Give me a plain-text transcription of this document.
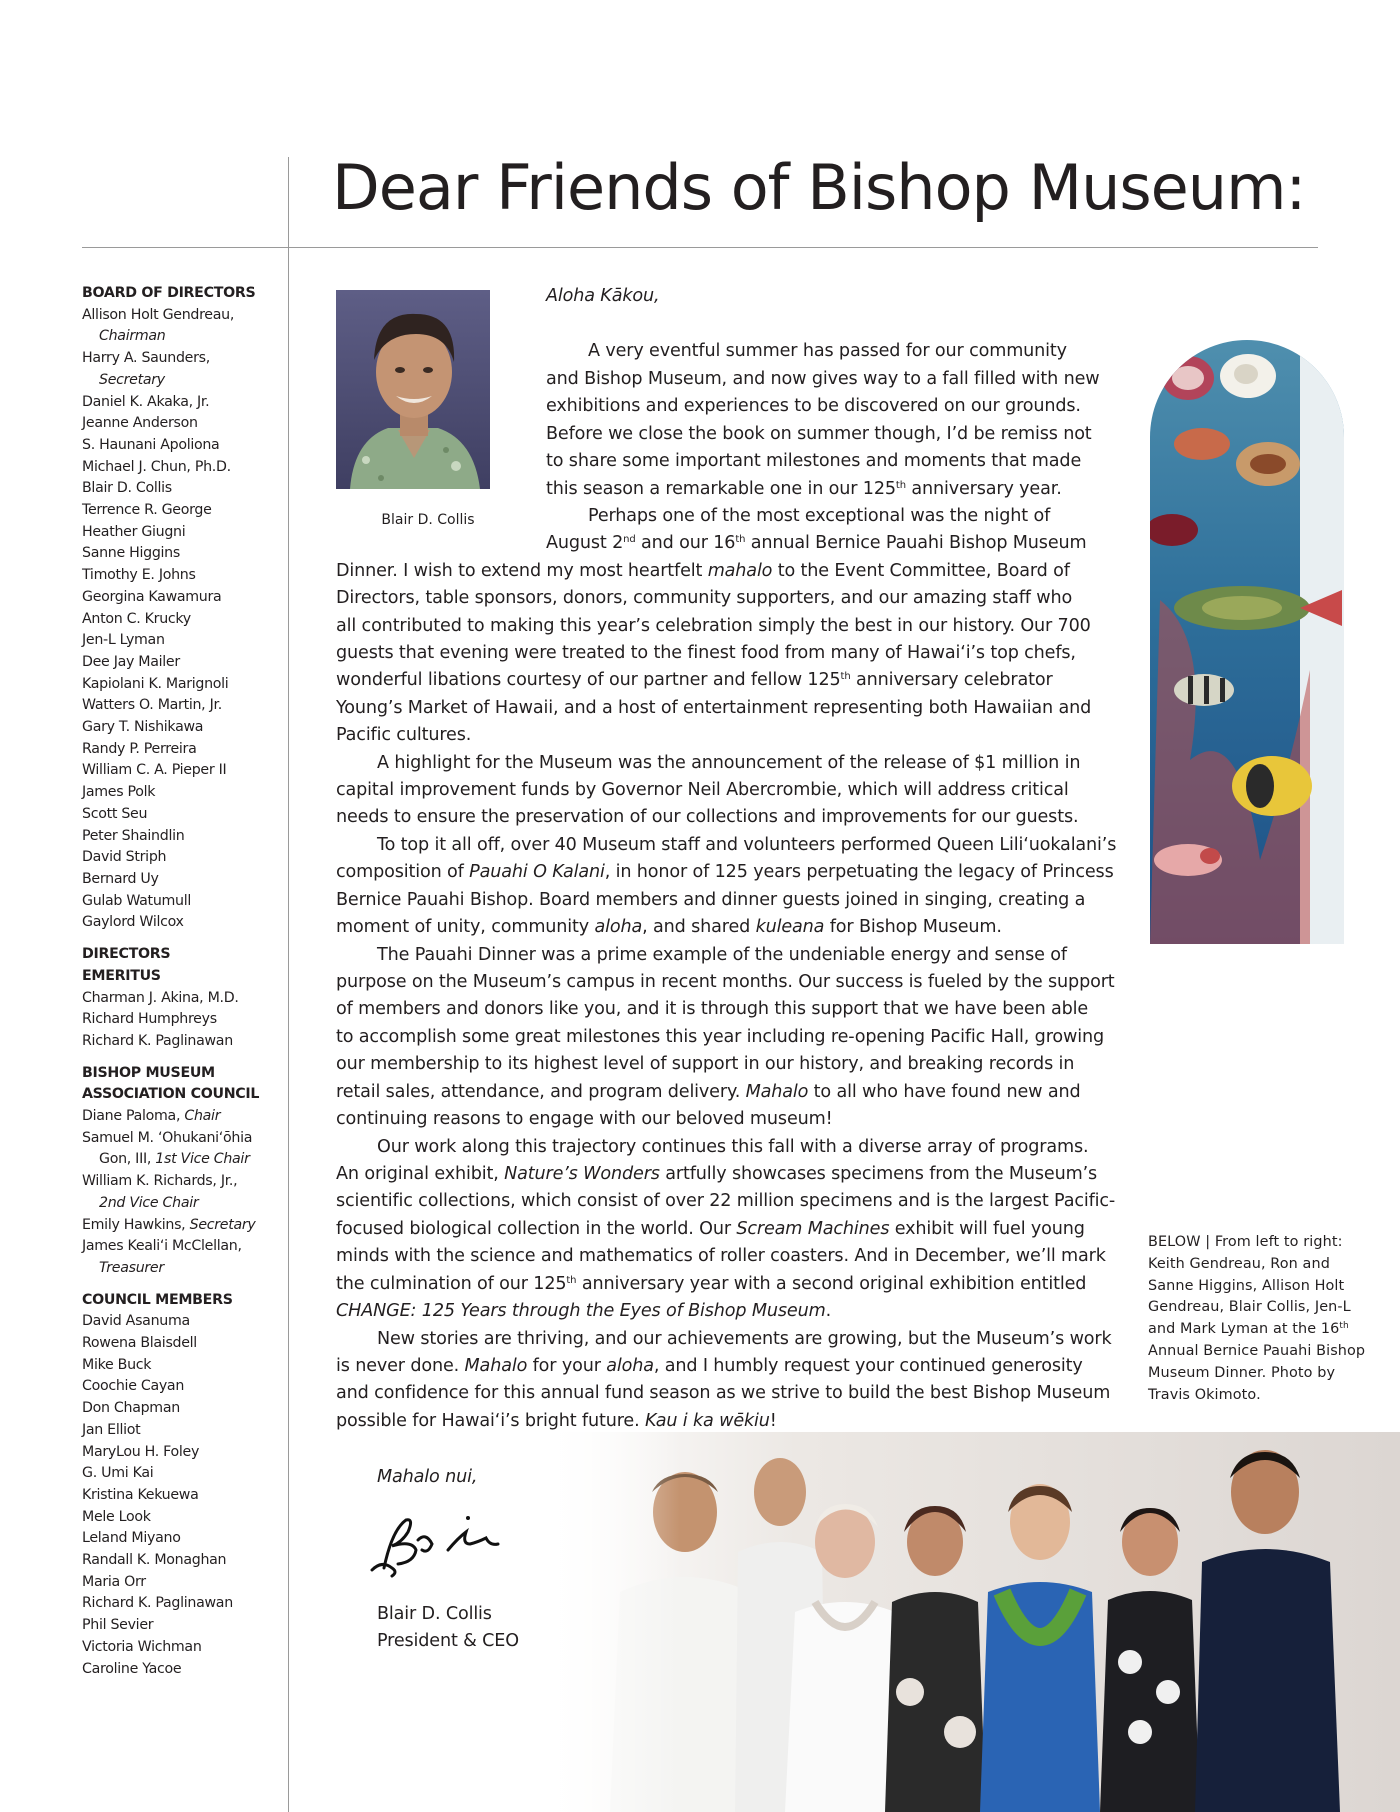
Dear Friends of Bishop Museum:
BOARD OF DIRECTORS
Allison Holt Gendreau,
Chairman
Harry A. Saunders,
Secretary
Daniel K. Akaka, Jr.
Jeanne Anderson
S. Haunani Apoliona
Michael J. Chun, Ph.D.
Blair D. Collis
Terrence R. George
Heather Giugni
Sanne Higgins
Timothy E. Johns
Georgina Kawamura
Anton C. Krucky
Jen-L Lyman
Dee Jay Mailer
Kapiolani K. Marignoli
Watters O. Martin, Jr.
Gary T. Nishikawa
Randy P. Perreira
William C. A. Pieper II
James Polk
Scott Seu
Peter Shaindlin
David Striph
Bernard Uy
Gulab Watumull
Gaylord Wilcox
DIRECTORS
EMERITUS
Charman J. Akina, M.D.
Richard Humphreys
Richard K. Paglinawan
BISHOP MUSEUM
ASSOCIATION COUNCIL
Diane Paloma, Chair
Samuel M. ‘Ohukani‘ōhia
Gon, III, 1st Vice Chair
William K. Richards, Jr.,
2nd Vice Chair
Emily Hawkins, Secretary
James Keali‘i McClellan,
Treasurer
COUNCIL MEMBERS
David Asanuma
Rowena Blaisdell
Mike Buck
Coochie Cayan
Don Chapman
Jan Elliot
MaryLou H. Foley
G. Umi Kai
Kristina Kekuewa
Mele Look
Leland Miyano
Randall K. Monaghan
Maria Orr
Richard K. Paglinawan
Phil Sevier
Victoria Wichman
Caroline Yacoe
Blair D. Collis
Aloha Kākou,
A very eventful summer has passed for our community
and Bishop Museum, and now gives way to a fall filled with new
exhibitions and experiences to be discovered on our grounds.
Before we close the book on summer though, I’d be remiss not
to share some important milestones and moments that made
this season a remarkable one in our 125th anniversary year.
Perhaps one of the most exceptional was the night of
August 2nd and our 16th annual Bernice Pauahi Bishop Museum
Dinner. I wish to extend my most heartfelt mahalo to the Event Committee, Board of
Directors, table sponsors, donors, community supporters, and our amazing staff who
all contributed to making this year’s celebration simply the best in our history. Our 700
guests that evening were treated to the finest food from many of Hawai‘i’s top chefs,
wonderful libations courtesy of our partner and fellow 125th anniversary celebrator
Young’s Market of Hawaii, and a host of entertainment representing both Hawaiian and
Pacific cultures.
A highlight for the Museum was the announcement of the release of $1 million in
capital improvement funds by Governor Neil Abercrombie, which will address critical
needs to ensure the preservation of our collections and improvements for our guests.
To top it all off, over 40 Museum staff and volunteers performed Queen Lili‘uokalani’s
composition of Pauahi O Kalani, in honor of 125 years perpetuating the legacy of Princess
Bernice Pauahi Bishop. Board members and dinner guests joined in singing, creating a
moment of unity, community aloha, and shared kuleana for Bishop Museum.
The Pauahi Dinner was a prime example of the undeniable energy and sense of
purpose on the Museum’s campus in recent months. Our success is fueled by the support
of members and donors like you, and it is through this support that we have been able
to accomplish some great milestones this year including re-opening Pacific Hall, growing
our membership to its highest level of support in our history, and breaking records in
retail sales, attendance, and program delivery. Mahalo to all who have found new and
continuing reasons to engage with our beloved museum!
Our work along this trajectory continues this fall with a diverse array of programs.
An original exhibit, Nature’s Wonders artfully showcases specimens from the Museum’s
scientific collections, which consist of over 22 million specimens and is the largest Pacific-
focused biological collection in the world. Our Scream Machines exhibit will fuel young
minds with the science and mathematics of roller coasters. And in December, we’ll mark
the culmination of our 125th anniversary year with a second original exhibition entitled
CHANGE: 125 Years through the Eyes of Bishop Museum.
New stories are thriving, and our achievements are growing, but the Museum’s work
is never done. Mahalo for your aloha, and I humbly request your continued generosity
and confidence for this annual fund season as we strive to build the best Bishop Museum
possible for Hawai‘i’s bright future. Kau i ka wēkiu!
BELOW | From left to right:
Keith Gendreau, Ron and
Sanne Higgins, Allison Holt
Gendreau, Blair Collis, Jen-L
and Mark Lyman at the 16th
Annual Bernice Pauahi Bishop
Museum Dinner. Photo by
Travis Okimoto.
Mahalo nui,
Blair D. Collis
President & CEO
